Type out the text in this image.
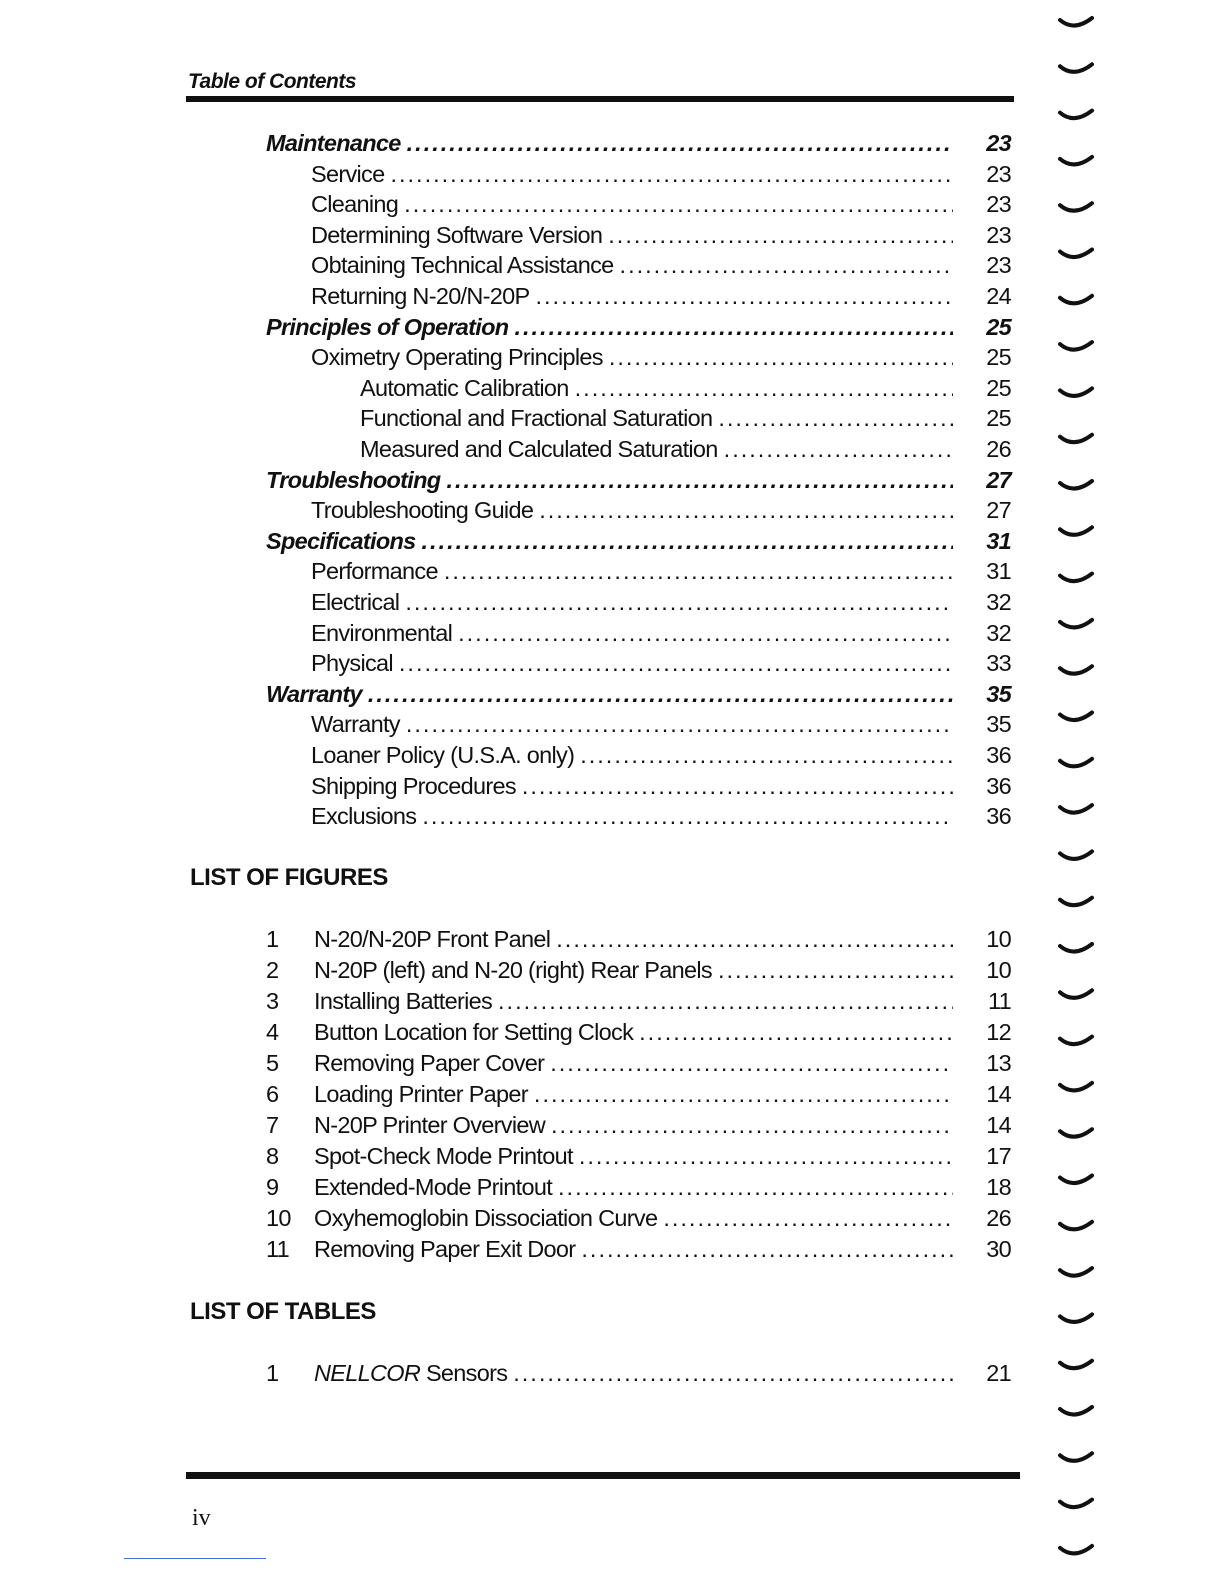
Table of Contents
Maintenance .....	23
Service .....	23
Cleaning .....	23
Determining Software Version .....	23
Obtaining Technical Assistance .....	23
Returning N-20/N-20P .....	24
Principles of Operation .....	25
Oximetry Operating Principles .....	25
Automatic Calibration .....	25
Functional and Fractional Saturation .....	25
Measured and Calculated Saturation .....	26
Troubleshooting .....	27
Troubleshooting Guide .....	27
Specifications .....	31
Performance .....	31
Electrical .....	32
Environmental .....	32
Physical .....	33
Warranty .....	35
Warranty .....	35
Loaner Policy (U.S.A. only) .....	36
Shipping Procedures .....	36
Exclusions .....	36
LIST OF FIGURES
1	N-20/N-20P Front Panel .....	10
2	N-20P (left) and N-20 (right) Rear Panels .....	10
3	Installing Batteries .....	11
4	Button Location for Setting Clock .....	12
5	Removing Paper Cover .....	13
6	Loading Printer Paper .....	14
7	N-20P Printer Overview .....	14
8	Spot-Check Mode Printout .....	17
9	Extended-Mode Printout .....	18
10 Oxyhemoglobin Dissociation Curve .....	26
11	Removing Paper Exit Door .....	30
LIST OF TABLES
1	NELLCOR Sensors .....	21
iv
